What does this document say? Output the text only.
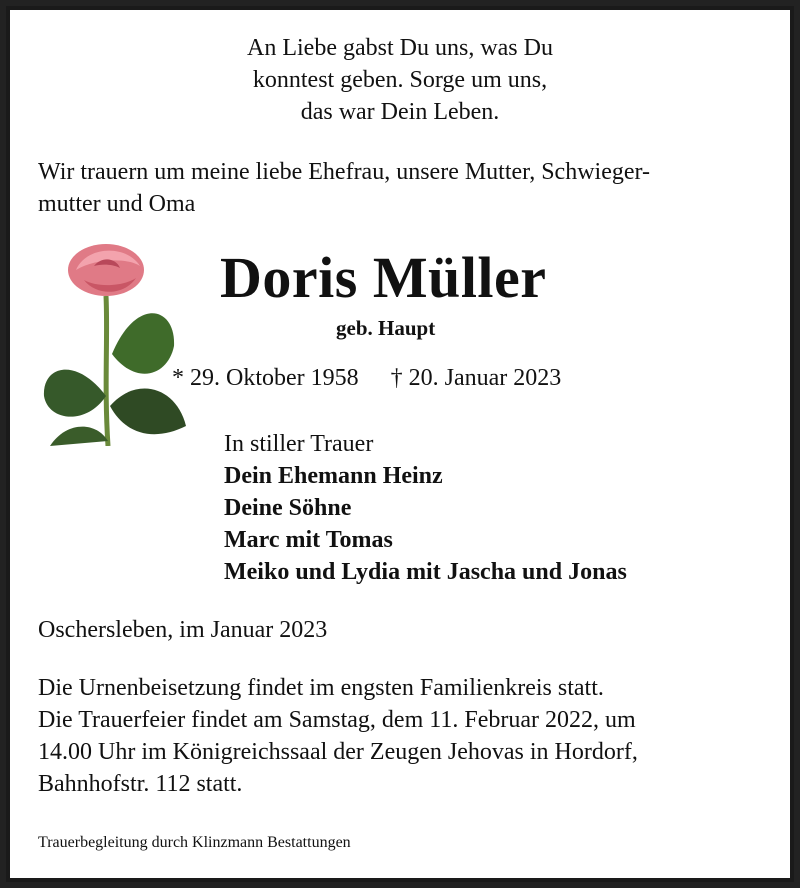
An Liebe gabst Du uns, was Du
konntest geben. Sorge um uns,
das war Dein Leben.
Wir trauern um meine liebe Ehefrau, unsere Mutter, Schwieger-
mutter und Oma
Doris Müller
geb. Haupt
* 29. Oktober 1958 † 20. Januar 2023
In stiller Trauer
Dein Ehemann Heinz
Deine Söhne
Marc mit Tomas
Meiko und Lydia mit Jascha und Jonas
Oschersleben, im Januar 2023
Die Urnenbeisetzung findet im engsten Familienkreis statt.
Die Trauerfeier findet am Samstag, dem 11. Februar 2022, um
14.00 Uhr im Königreichssaal der Zeugen Jehovas in Hordorf,
Bahnhofstr. 112 statt.
Trauerbegleitung durch Klinzmann Bestattungen
